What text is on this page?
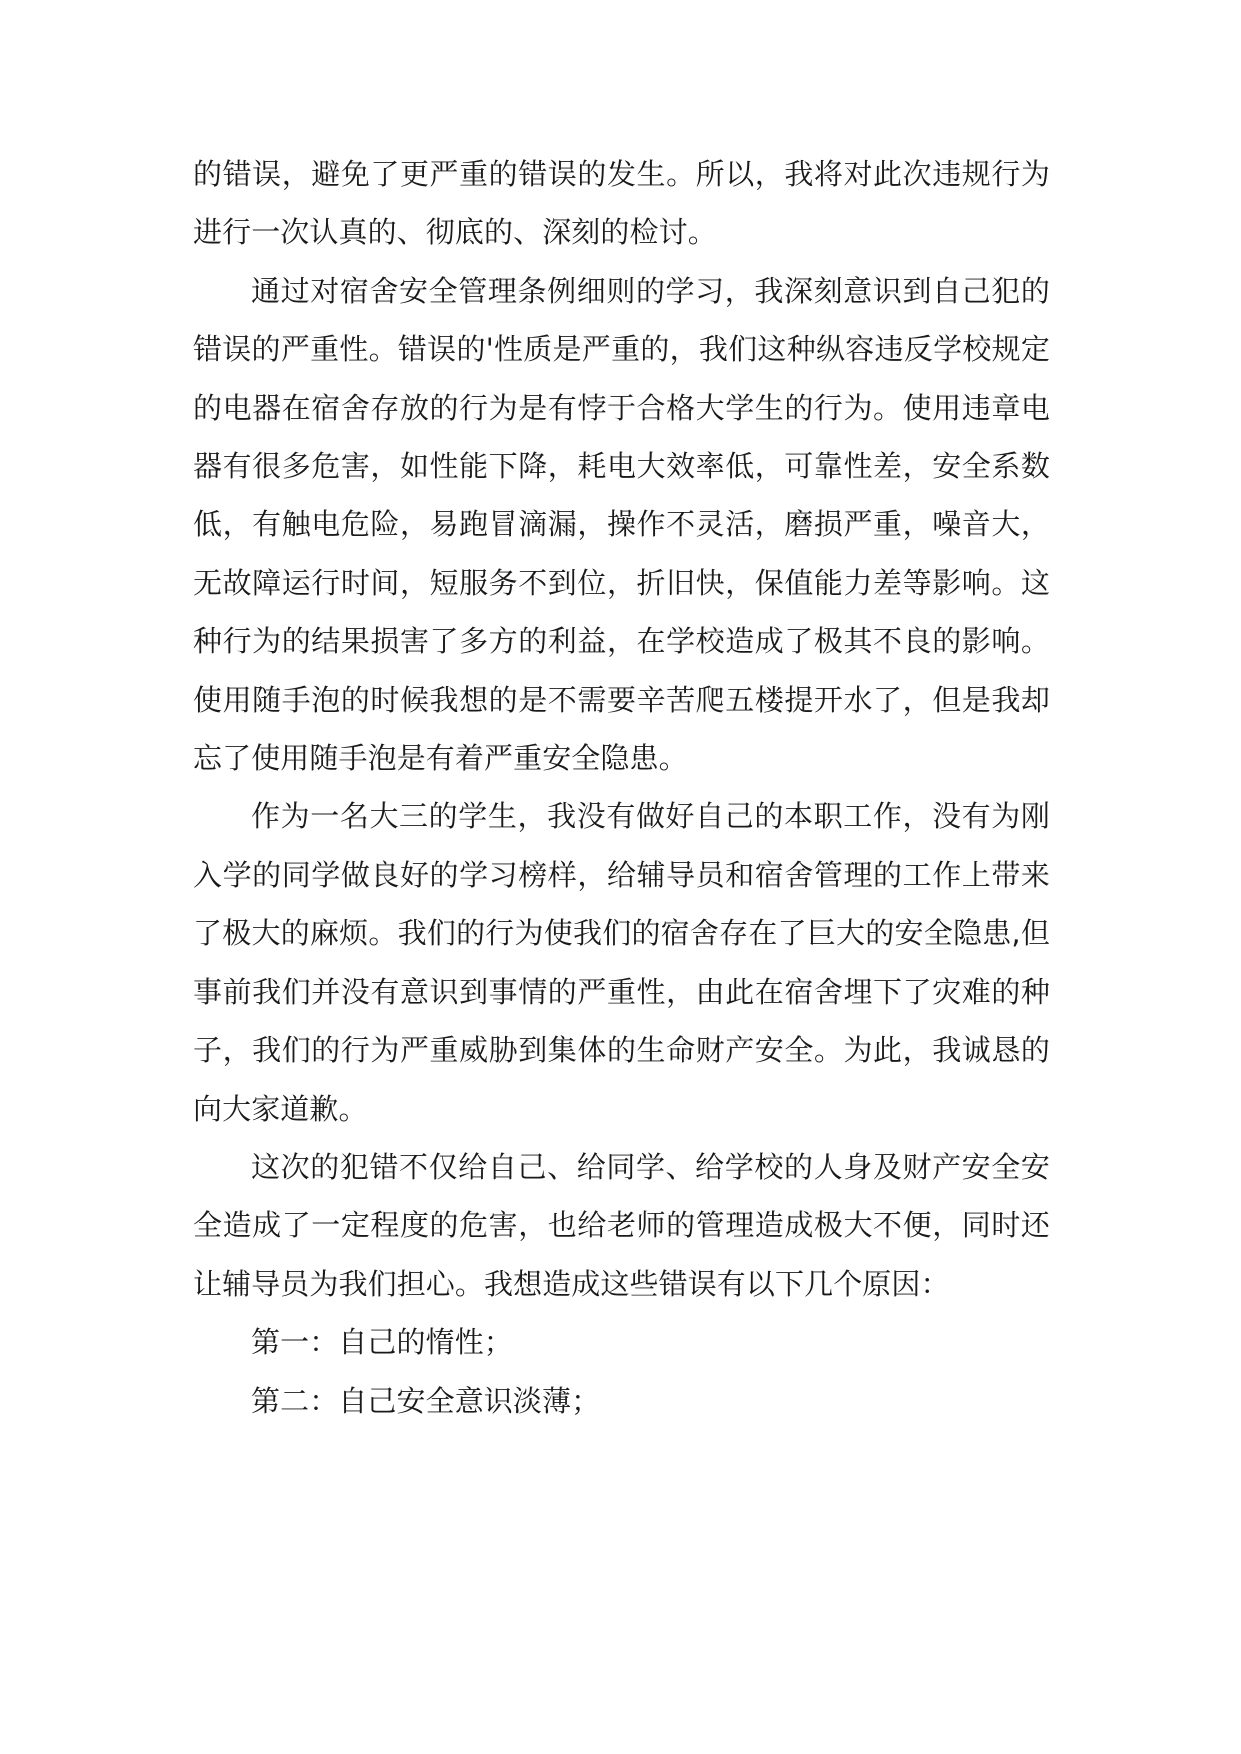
的错误，避免了更严重的错误的发生。所以，我将对此次违规行为进行一次认真的、彻底的、深刻的检讨。

通过对宿舍安全管理条例细则的学习，我深刻意识到自己犯的错误的严重性。错误的'性质是严重的，我们这种纵容违反学校规定的电器在宿舍存放的行为是有悖于合格大学生的行为。使用违章电器有很多危害，如性能下降，耗电大效率低，可靠性差，安全系数低，有触电危险，易跑冒滴漏，操作不灵活，磨损严重，噪音大，无故障运行时间，短服务不到位，折旧快，保值能力差等影响。这种行为的结果损害了多方的利益，在学校造成了极其不良的影响。使用随手泡的时候我想的是不需要辛苦爬五楼提开水了，但是我却忘了使用随手泡是有着严重安全隐患。

作为一名大三的学生，我没有做好自己的本职工作，没有为刚入学的同学做良好的学习榜样，给辅导员和宿舍管理的工作上带来了极大的麻烦。我们的行为使我们的宿舍存在了巨大的安全隐患,但事前我们并没有意识到事情的严重性，由此在宿舍埋下了灾难的种子，我们的行为严重威胁到集体的生命财产安全。为此，我诚恳的向大家道歉。

这次的犯错不仅给自己、给同学、给学校的人身及财产安全安全造成了一定程度的危害，也给老师的管理造成极大不便，同时还让辅导员为我们担心。我想造成这些错误有以下几个原因：

第一：自己的惰性；

第二：自己安全意识淡薄；
